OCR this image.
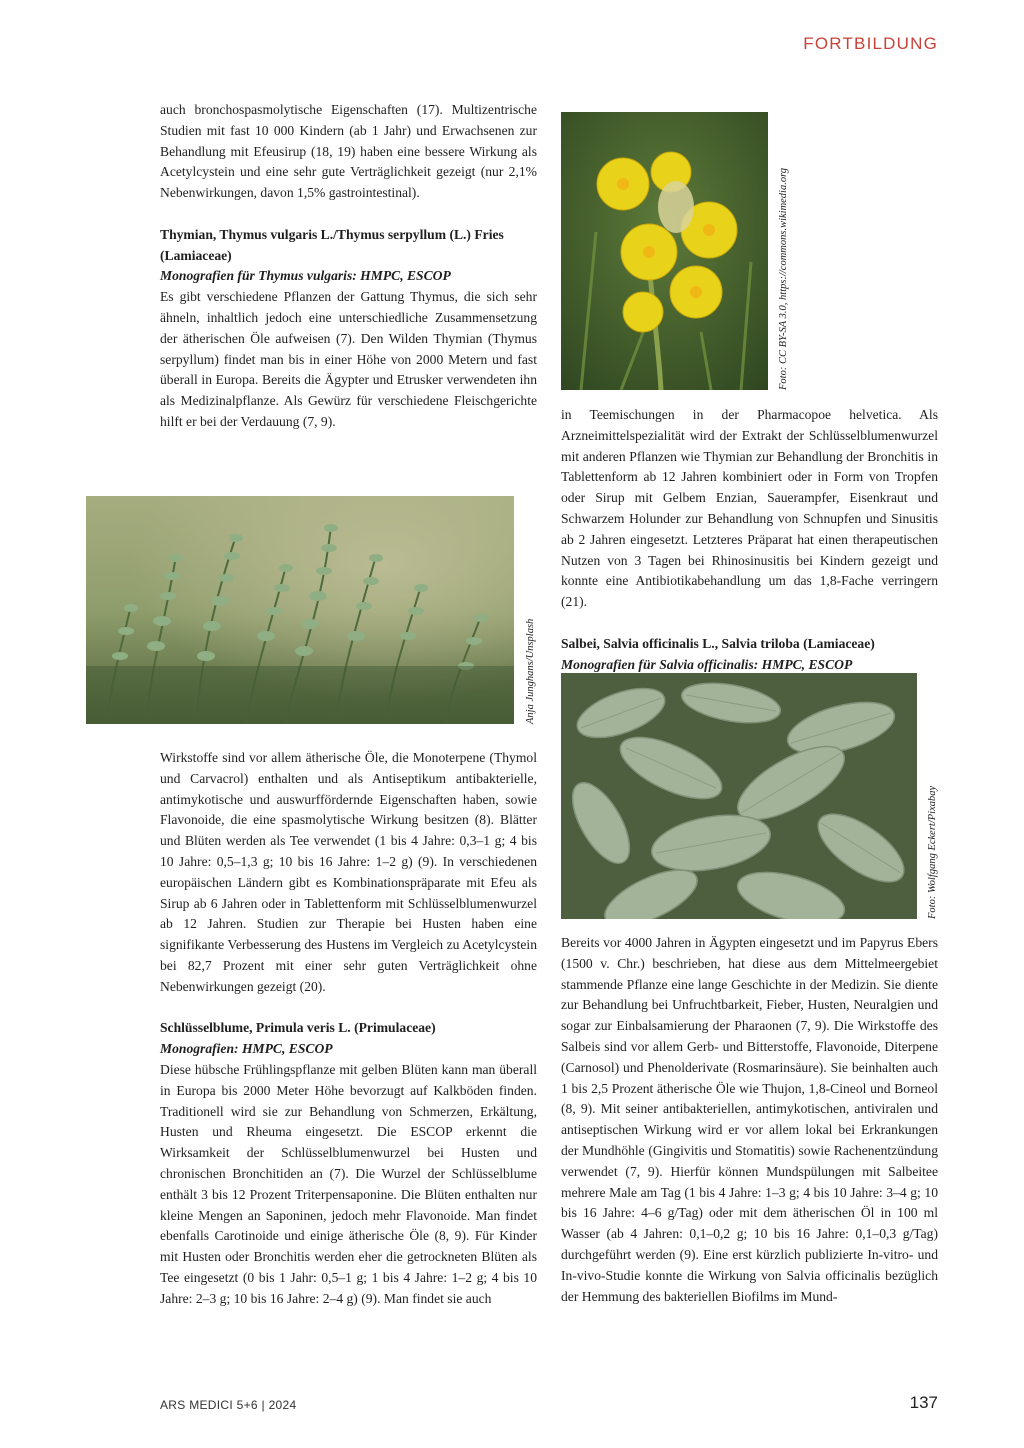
FORTBILDUNG

auch bronchospasmolytische Eigenschaften (17). Multizentrische Studien mit fast 10 000 Kindern (ab 1 Jahr) und Erwachsenen zur Behandlung mit Efeusirup (18, 19) haben eine bessere Wirkung als Acetylcystein und eine sehr gute Verträglichkeit gezeigt (nur 2,1% Nebenwirkungen, davon 1,5% gastrointestinal).

Thymian, Thymus vulgaris L./Thymus serpyllum (L.) Fries (Lamiaceae)
Monografien für Thymus vulgaris: HMPC, ESCOP

Es gibt verschiedene Pflanzen der Gattung Thymus, die sich sehr ähneln, inhaltlich jedoch eine unterschiedliche Zusammensetzung der ätherischen Öle aufweisen (7). Den Wilden Thymian (Thymus serpyllum) findet man bis in einer Höhe von 2000 Metern und fast überall in Europa. Bereits die Ägypter und Etrusker verwendeten ihn als Medizinalpflanze. Als Gewürz für verschiedene Fleischgerichte hilft er bei der Verdauung (7, 9).

Anja Junghans/Unsplash

Wirkstoffe sind vor allem ätherische Öle, die Monoterpene (Thymol und Carvacrol) enthalten und als Antiseptikum antibakterielle, antimykotische und auswurffördernde Eigenschaften haben, sowie Flavonoide, die eine spasmolytische Wirkung besitzen (8). Blätter und Blüten werden als Tee verwendet (1 bis 4 Jahre: 0,3–1 g; 4 bis 10 Jahre: 0,5–1,3 g; 10 bis 16 Jahre: 1–2 g) (9). In verschiedenen europäischen Ländern gibt es Kombinationspräparate mit Efeu als Sirup ab 6 Jahren oder in Tablettenform mit Schlüsselblumenwurzel ab 12 Jahren. Studien zur Therapie bei Husten haben eine signifikante Verbesserung des Hustens im Vergleich zu Acetylcystein bei 82,7 Prozent mit einer sehr guten Verträglichkeit ohne Nebenwirkungen gezeigt (20).

Schlüsselblume, Primula veris L. (Primulaceae)
Monografien: HMPC, ESCOP

Diese hübsche Frühlingspflanze mit gelben Blüten kann man überall in Europa bis 2000 Meter Höhe bevorzugt auf Kalkböden finden. Traditionell wird sie zur Behandlung von Schmerzen, Erkältung, Husten und Rheuma eingesetzt. Die ESCOP erkennt die Wirksamkeit der Schlüsselblumenwurzel bei Husten und chronischen Bronchitiden an (7). Die Wurzel der Schlüsselblume enthält 3 bis 12 Prozent Triterpensaponine. Die Blüten enthalten nur kleine Mengen an Saponinen, jedoch mehr Flavonoide. Man findet ebenfalls Carotinoide und einige ätherische Öle (8, 9). Für Kinder mit Husten oder Bronchitis werden eher die getrockneten Blüten als Tee eingesetzt (0 bis 1 Jahr: 0,5–1 g; 1 bis 4 Jahre: 1–2 g; 4 bis 10 Jahre: 2–3 g; 10 bis 16 Jahre: 2–4 g) (9). Man findet sie auch

Foto: CC BY-SA 3.0, https://commons.wikimedia.org

in Teemischungen in der Pharmacopoe helvetica. Als Arzneimittelspezialität wird der Extrakt der Schlüsselblumenwurzel mit anderen Pflanzen wie Thymian zur Behandlung der Bronchitis in Tablettenform ab 12 Jahren kombiniert oder in Form von Tropfen oder Sirup mit Gelbem Enzian, Sauerampfer, Eisenkraut und Schwarzem Holunder zur Behandlung von Schnupfen und Sinusitis ab 2 Jahren eingesetzt. Letzteres Präparat hat einen therapeutischen Nutzen von 3 Tagen bei Rhinosinusitis bei Kindern gezeigt und konnte eine Antibiotikabehandlung um das 1,8-Fache verringern (21).

Salbei, Salvia officinalis L., Salvia triloba (Lamiaceae)
Monografien für Salvia officinalis: HMPC, ESCOP
Foto: Wolfgang Eckert/Pixabay

Bereits vor 4000 Jahren in Ägypten eingesetzt und im Papyrus Ebers (1500 v. Chr.) beschrieben, hat diese aus dem Mittelmeergebiet stammende Pflanze eine lange Geschichte in der Medizin. Sie diente zur Behandlung bei Unfruchtbarkeit, Fieber, Husten, Neuralgien und sogar zur Einbalsamierung der Pharaonen (7, 9). Die Wirkstoffe des Salbeis sind vor allem Gerb- und Bitterstoffe, Flavonoide, Diterpene (Carnosol) und Phenolderivate (Rosmarinsäure). Sie beinhalten auch 1 bis 2,5 Prozent ätherische Öle wie Thujon, 1,8-Cineol und Borneol (8, 9). Mit seiner antibakteriellen, antimykotischen, antiviralen und antiseptischen Wirkung wird er vor allem lokal bei Erkrankungen der Mundhöhle (Gingivitis und Stomatitis) sowie Rachenentzündung verwendet (7, 9). Hierfür können Mundspülungen mit Salbeitee mehrere Male am Tag (1 bis 4 Jahre: 1–3 g; 4 bis 10 Jahre: 3–4 g; 10 bis 16 Jahre: 4–6 g/Tag) oder mit dem ätherischen Öl in 100 ml Wasser (ab 4 Jahren: 0,1–0,2 g; 10 bis 16 Jahre: 0,1–0,3 g/Tag) durchgeführt werden (9). Eine erst kürzlich publizierte In-vitro- und In-vivo-Studie konnte die Wirkung von Salvia officinalis bezüglich der Hemmung des bakteriellen Biofilms im Mund-

ARS MEDICI 5+6 | 2024	137
